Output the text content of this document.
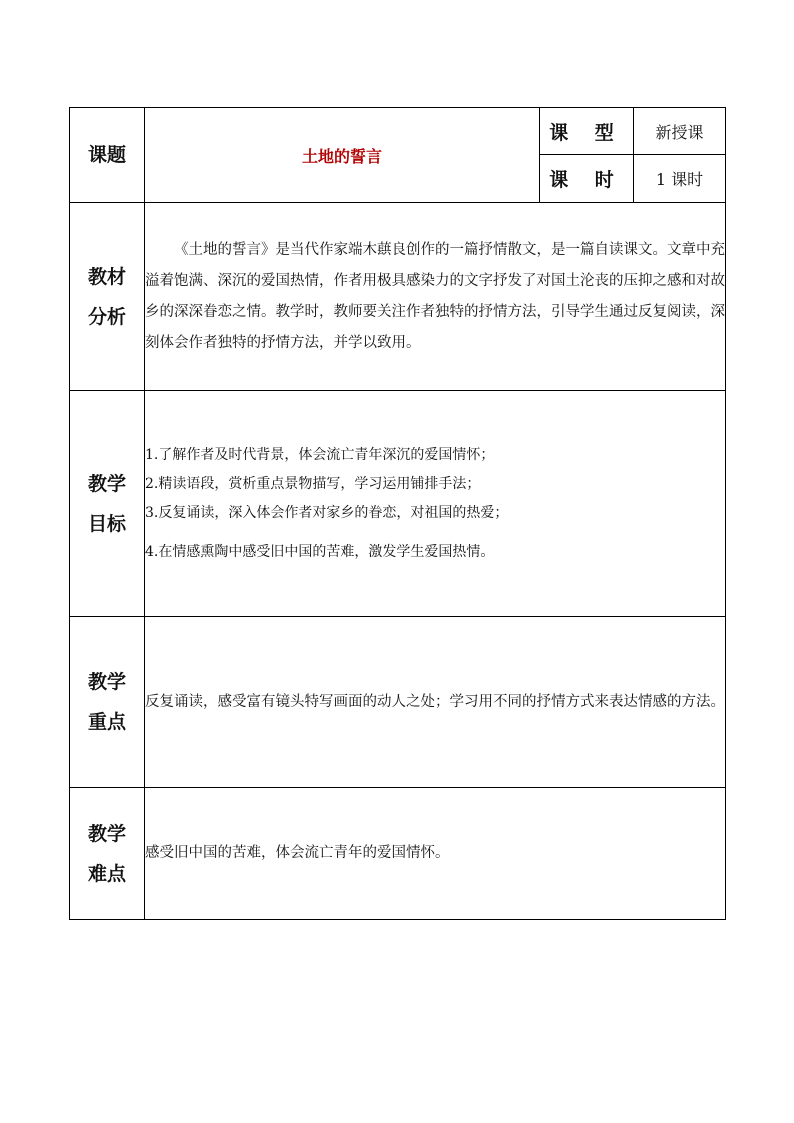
课题	土地的誓言	课 型	新授课
		课 时	1 课时

教材
分析	《土地的誓言》是当代作家端木蕻良创作的一篇抒情散文，是一篇自读课文。文章中充溢着饱满、深沉的爱国热情，作者用极具感染力的文字抒发了对国土沦丧的压抑之感和对故乡的深深眷恋之情。教学时，教师要关注作者独特的抒情方法，引导学生通过反复阅读，深刻体会作者独特的抒情方法，并学以致用。		

教学
目标	1.了解作者及时代背景，体会流亡青年深沉的爱国情怀；
2.精读语段，赏析重点景物描写，学习运用铺排手法；
3.反复诵读，深入体会作者对家乡的眷恋，对祖国的热爱；
4.在情感熏陶中感受旧中国的苦难，激发学生爱国热情。		

教学
重点	反复诵读，感受富有镜头特写画面的动人之处；学习用不同的抒情方式来表达情感的方法。		

教学
难点	感受旧中国的苦难，体会流亡青年的爱国情怀。		
